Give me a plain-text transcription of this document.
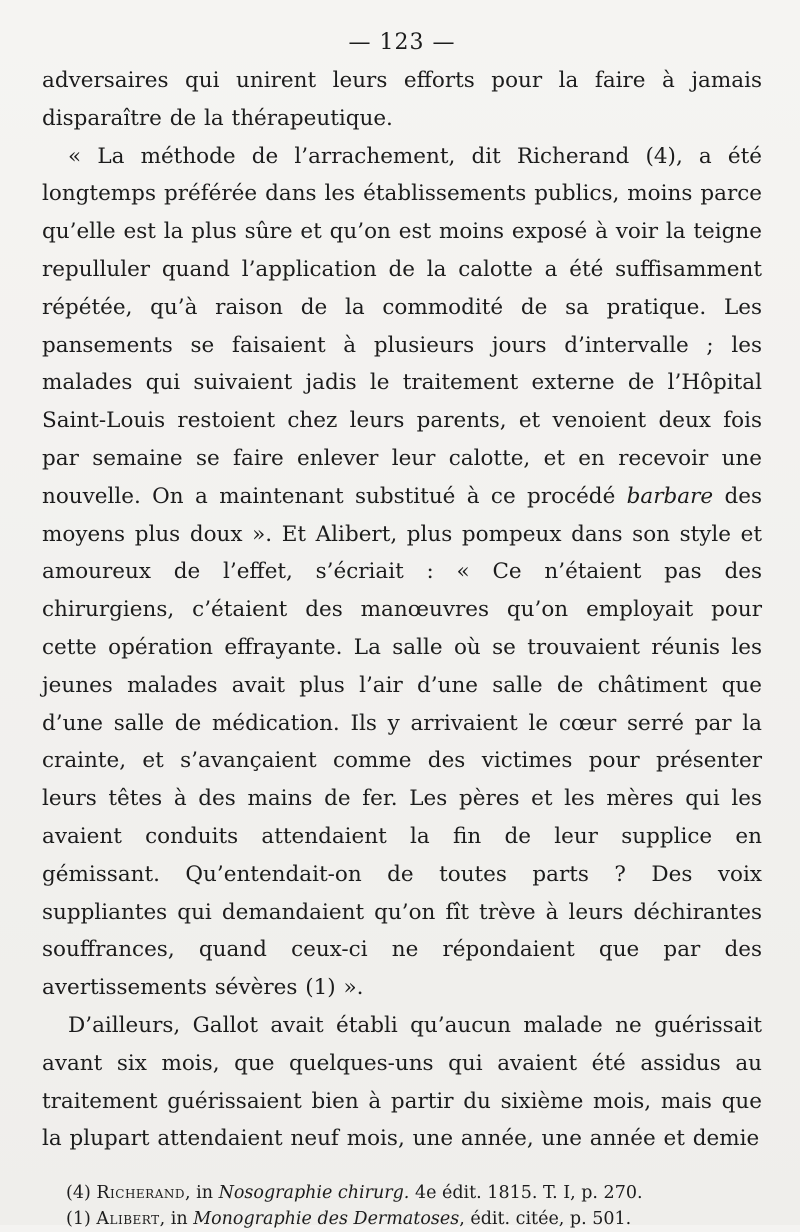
— 123 —

adversaires qui unirent leurs efforts pour la faire à jamais disparaître de la thérapeutique.

« La méthode de l’arrachement, dit Richerand (4), a été longtemps préférée dans les établissements publics, moins parce qu’elle est la plus sûre et qu’on est moins exposé à voir la teigne repulluler quand l’application de la calotte a été suffisamment répétée, qu’à raison de la commodité de sa pratique. Les pansements se faisaient à plusieurs jours d’intervalle ; les malades qui suivaient jadis le traitement externe de l’Hôpital Saint-Louis restoient chez leurs parents, et venoient deux fois par semaine se faire enlever leur calotte, et en recevoir une nouvelle. On a maintenant substitué à ce procédé barbare des moyens plus doux ». Et Alibert, plus pompeux dans son style et amoureux de l’effet, s’écriait : « Ce n’étaient pas des chirurgiens, c’étaient des manœuvres qu’on employait pour cette opération effrayante. La salle où se trouvaient réunis les jeunes malades avait plus l’air d’une salle de châtiment que d’une salle de médication. Ils y arrivaient le cœur serré par la crainte, et s’avançaient comme des victimes pour présenter leurs têtes à des mains de fer. Les pères et les mères qui les avaient conduits attendaient la fin de leur supplice en gémissant. Qu’entendait-on de toutes parts ? Des voix suppliantes qui demandaient qu’on fît trève à leurs déchirantes souffrances, quand ceux-ci ne répondaient que par des avertissements sévères (1) ».

D’ailleurs, Gallot avait établi qu’aucun malade ne guérissait avant six mois, que quelques-uns qui avaient été assidus au traitement guérissaient bien à partir du sixième mois, mais que la plupart attendaient neuf mois, une année, une année et demie

(4) Richerand, in Nosographie chirurg. 4e édit. 1815. T. I, p. 270.

(1) Alibert, in Monographie des Dermatoses, édit. citée, p. 501.
